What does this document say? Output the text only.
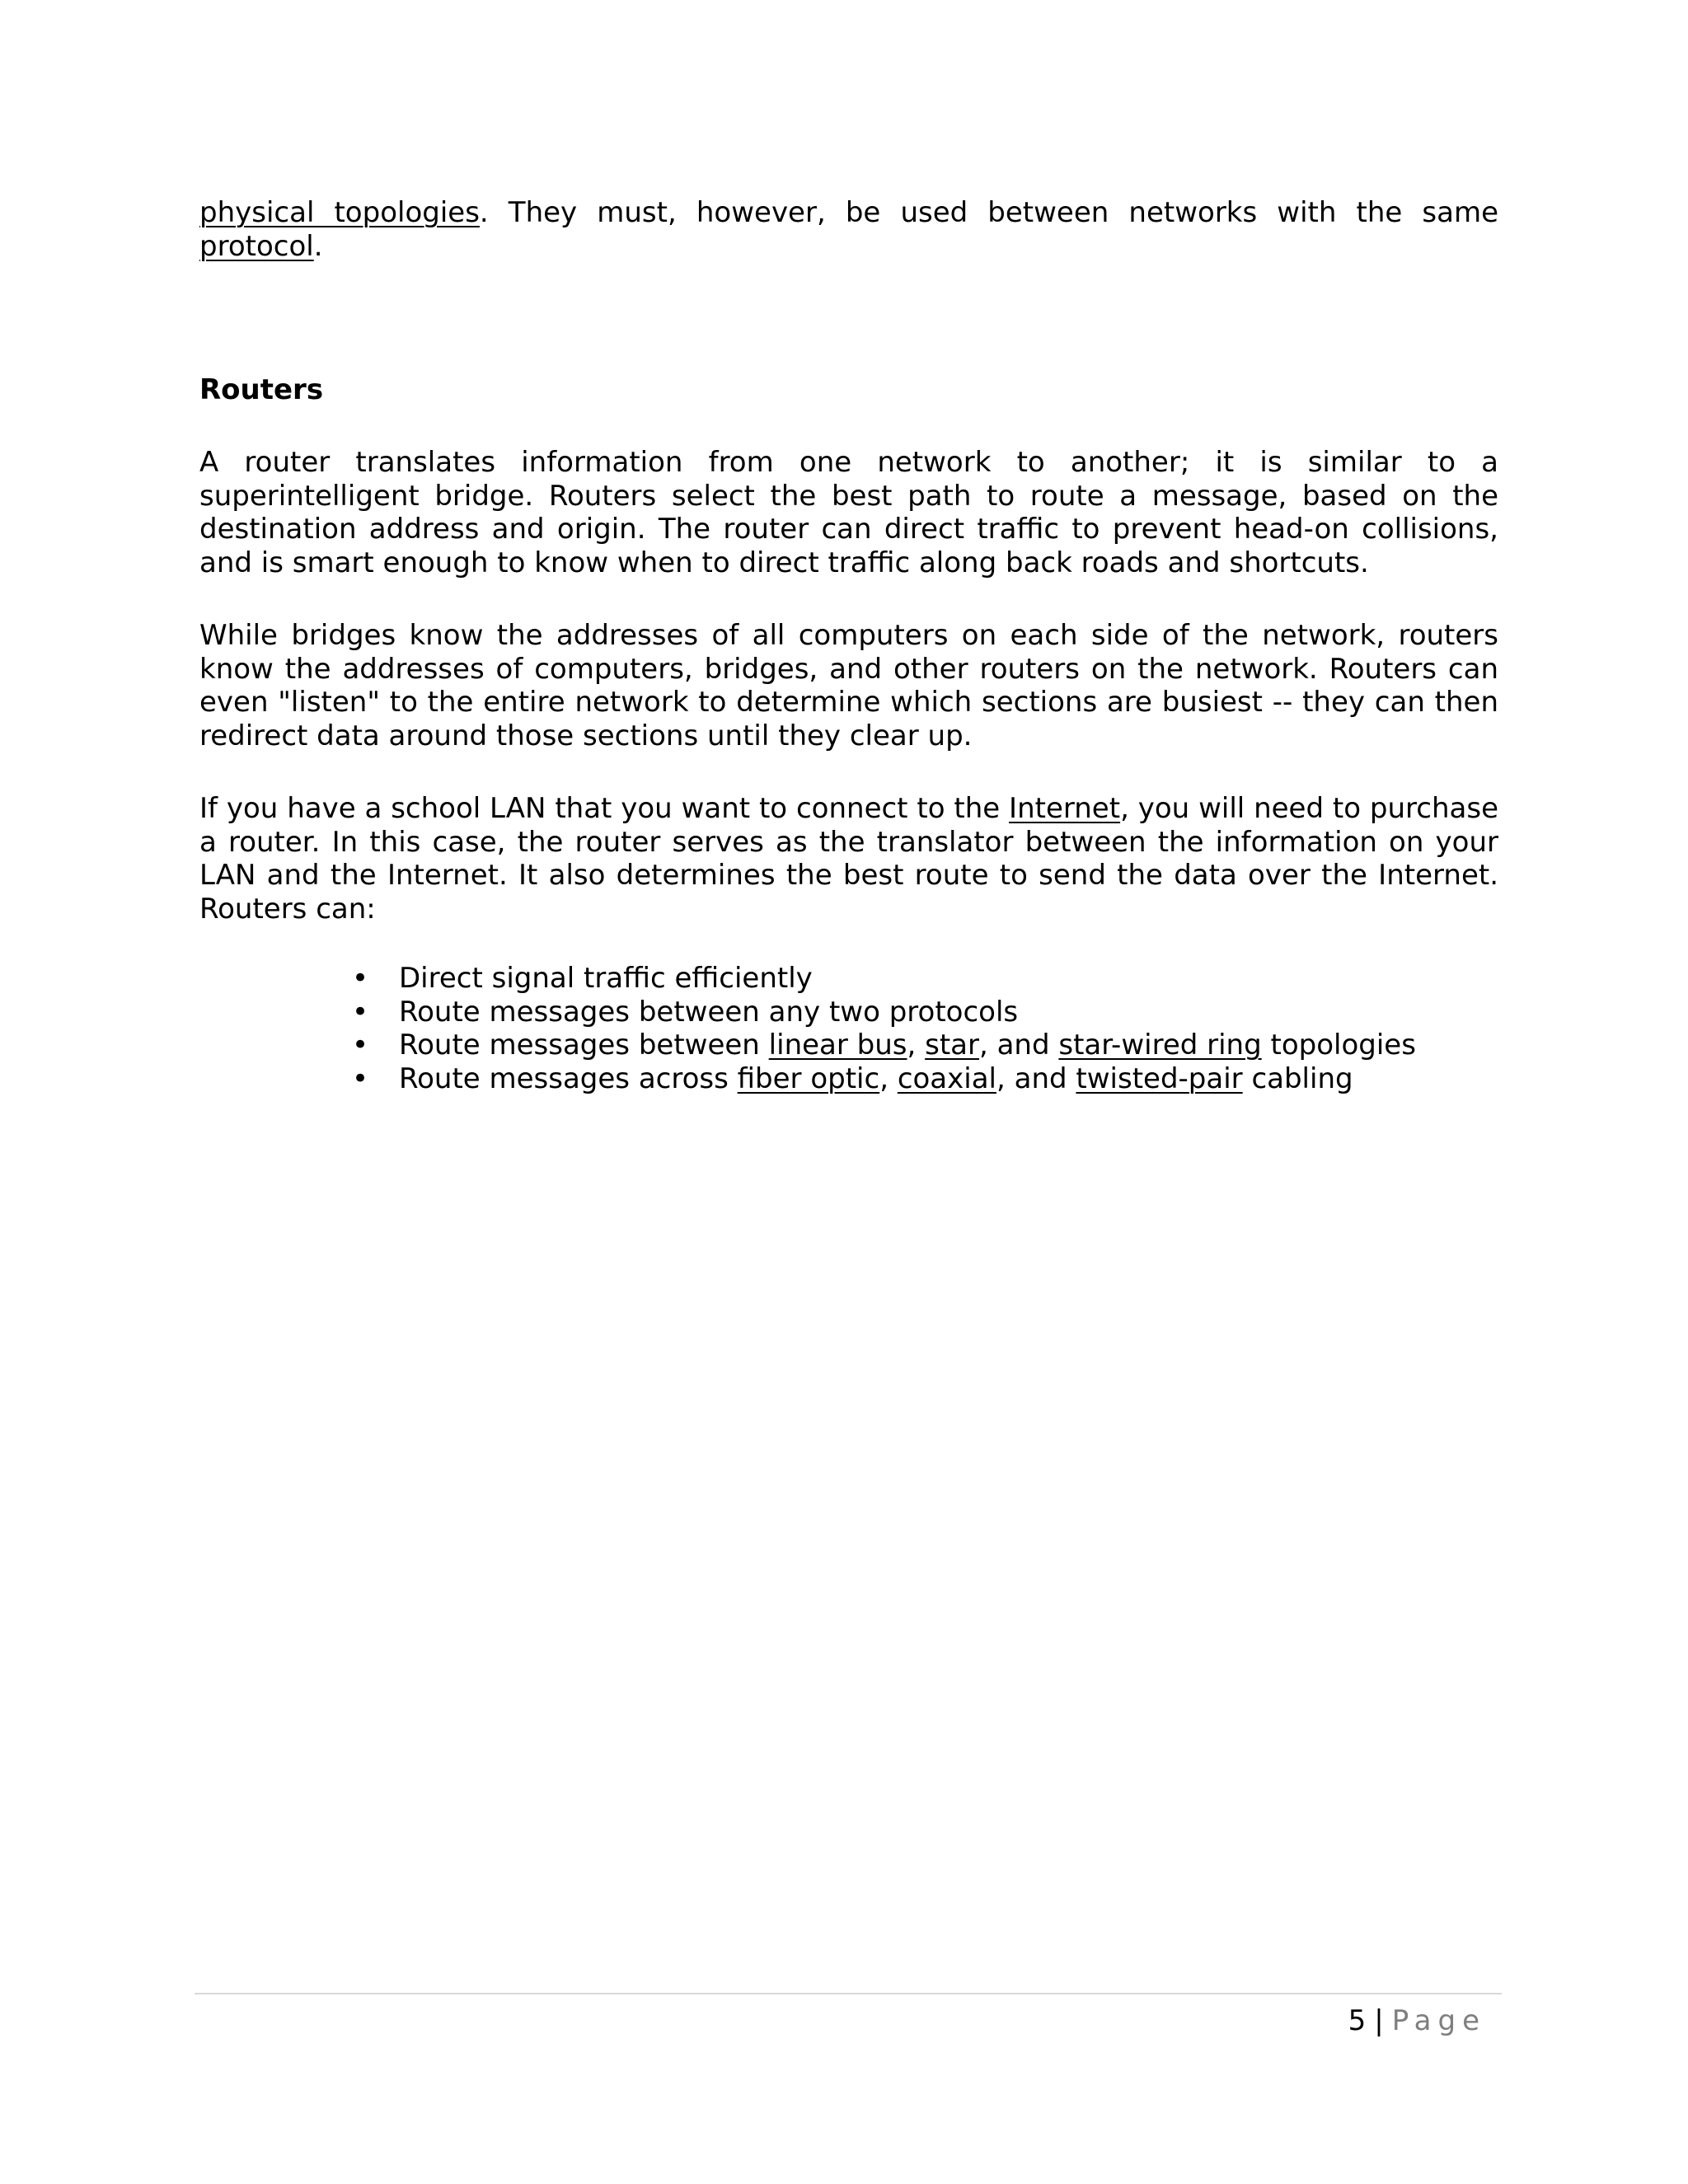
physical topologies. They must, however, be used between networks with the same protocol.

Routers

A router translates information from one network to another; it is similar to a superintelligent bridge. Routers select the best path to route a message, based on the destination address and origin. The router can direct traffic to prevent head-on collisions, and is smart enough to know when to direct traffic along back roads and shortcuts.

While bridges know the addresses of all computers on each side of the network, routers know the addresses of computers, bridges, and other routers on the network. Routers can even "listen" to the entire network to determine which sections are busiest -- they can then redirect data around those sections until they clear up.

If you have a school LAN that you want to connect to the Internet, you will need to purchase a router. In this case, the router serves as the translator between the information on your LAN and the Internet. It also determines the best route to send the data over the Internet. Routers can:

• Direct signal traffic efficiently
• Route messages between any two protocols
• Route messages between linear bus, star, and star-wired ring topologies
• Route messages across fiber optic, coaxial, and twisted-pair cabling
5 | Page
